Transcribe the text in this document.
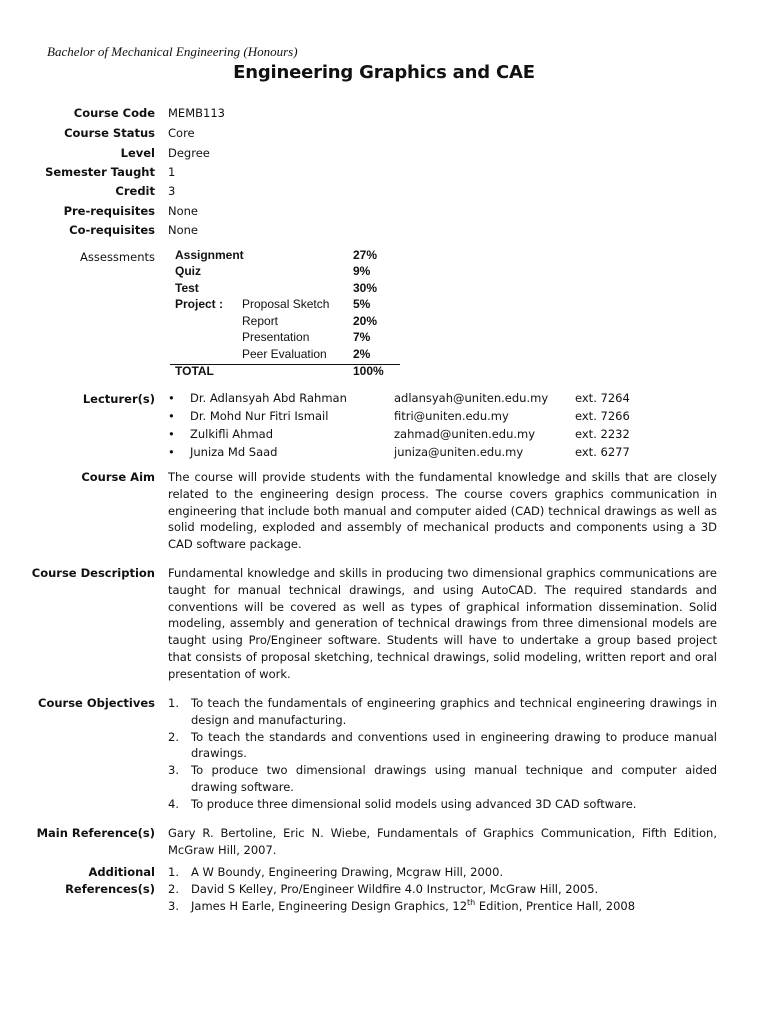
Bachelor of Mechanical Engineering (Honours)
Engineering Graphics and CAE
Course Code MEMB113
Course Status Core
Level Degree
Semester Taught 1
Credit 3
Pre-requisites None
Co-requisites None
Assessments Assignment	27%
Quiz	9%
Test	30%
Project : Proposal Sketch 5%
Report	20%
Presentation	7%
Peer Evaluation 2%
TOTAL	100%
Lecturer(s) • Dr. Adlansyah Abd Rahman	adlansyah@uniten.edu.my ext. 7264
• Dr. Mohd Nur Fitri Ismail	fitri@uniten.edu.my	ext. 7266
• Zulkifli Ahmad	zahmad@uniten.edu.my	ext. 2232
• Juniza Md Saad	juniza@uniten.edu.my	ext. 6277
Course Aim The course will provide students with the fundamental knowledge and skills that are closely related to the engineering design process. The course covers graphics communication in engineering that include both manual and computer aided (CAD) technical drawings as well as solid modeling, exploded and assembly of mechanical products and components using a 3D CAD software package.
Course Description Fundamental knowledge and skills in producing two dimensional graphics communications are taught for manual technical drawings, and using AutoCAD. The required standards and conventions will be covered as well as types of graphical information dissemination. Solid modeling, assembly and generation of technical drawings from three dimensional models are taught using Pro/Engineer software. Students will have to undertake a group based project that consists of proposal sketching, technical drawings, solid modeling, written report and oral presentation of work.
Course Objectives 1. To teach the fundamentals of engineering graphics and technical engineering drawings in design and manufacturing.
2. To teach the standards and conventions used in engineering drawing to produce manual drawings.
3. To produce two dimensional drawings using manual technique and computer aided drawing software.
4. To produce three dimensional solid models using advanced 3D CAD software.
Main Reference(s) Gary R. Bertoline, Eric N. Wiebe, Fundamentals of Graphics Communication, Fifth Edition, McGraw Hill, 2007.
Additional
References(s)
1. A W Boundy, Engineering Drawing, Mcgraw Hill, 2000.
2. David S Kelley, Pro/Engineer Wildfire 4.0 Instructor, McGraw Hill, 2005.
3. James H Earle, Engineering Design Graphics, 12th Edition, Prentice Hall, 2008
